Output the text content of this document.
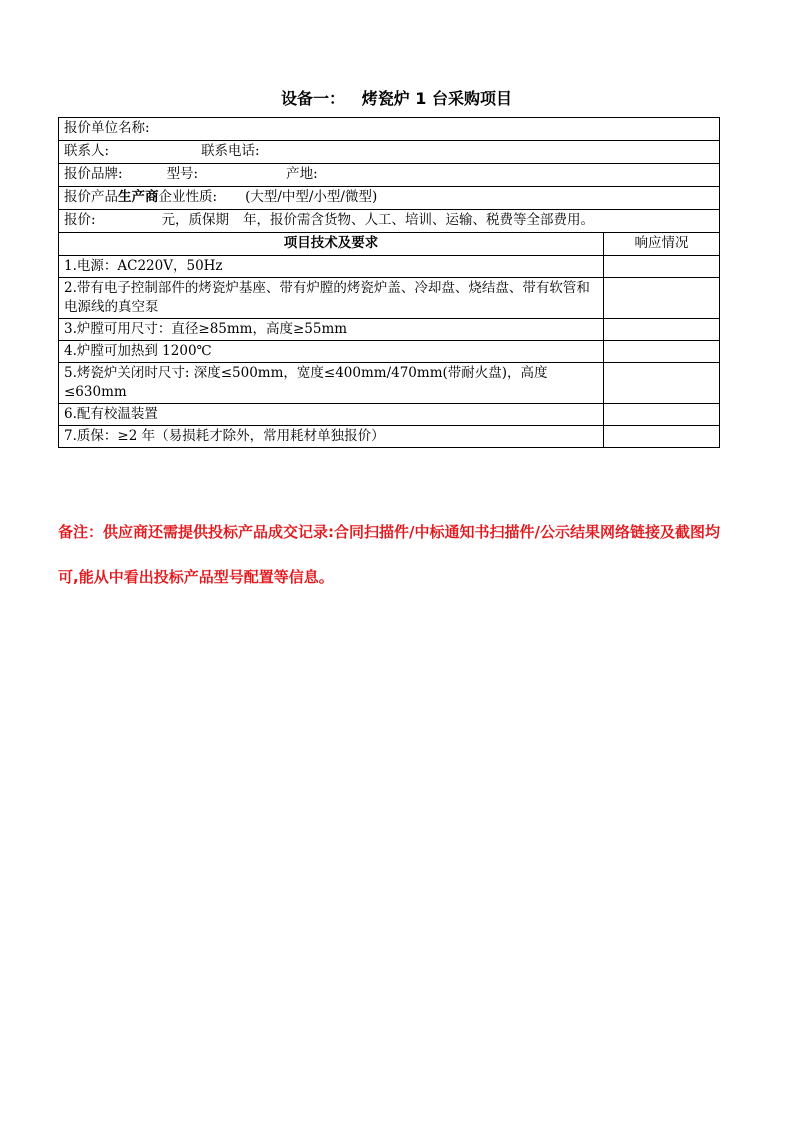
设备一：   烤瓷炉 1 台采购项目
报价单位名称:	
联系人: 联系电话:	
报价品牌: 型号: 产地:	
报价产品生产商企业性质: (大型/中型/小型/微型)	
报价: 元，质保期 年，报价需含货物、人工、培训、运输、税费等全部费用。	
项目技术及要求	响应情况
1.电源：AC220V，50Hz	
2.带有电子控制部件的烤瓷炉基座、带有炉膛的烤瓷炉盖、冷却盘、烧结盘、带有软管和电源线的真空泵	
3.炉膛可用尺寸：直径≥85mm，高度≥55mm	
4.炉膛可加热到 1200℃	
5.烤瓷炉关闭时尺寸: 深度≤500mm，宽度≤400mm/470mm(带耐火盘)，高度≤630mm	
6.配有校温装置	
7.质保：≥2 年（易损耗才除外，常用耗材单独报价）	
备注：供应商还需提供投标产品成交记录:合同扫描件/中标通知书扫描件/公示结果网络链接及截图均可,能从中看出投标产品型号配置等信息。
